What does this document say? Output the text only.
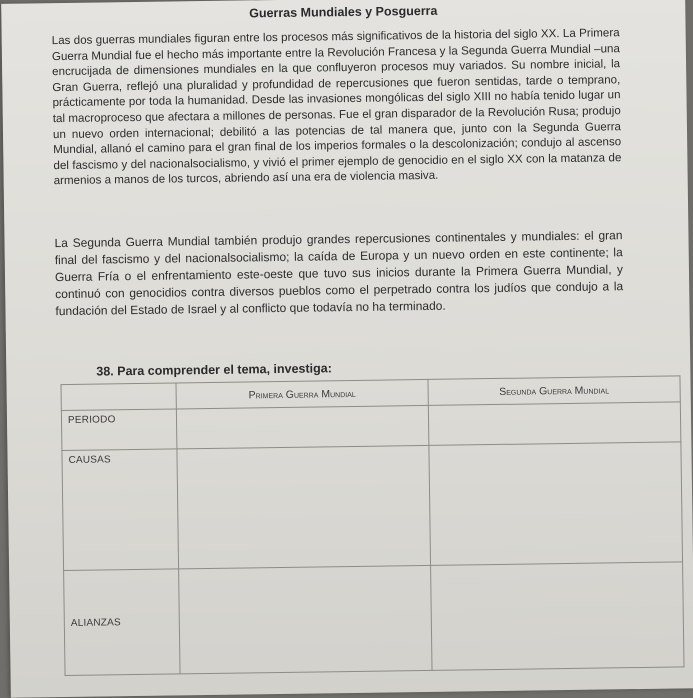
Guerras Mundiales y Posguerra

Las dos guerras mundiales figuran entre los procesos más significativos de la historia del siglo XX. La Primera Guerra Mundial fue el hecho más importante entre la Revolución Francesa y la Segunda Guerra Mundial –una encrucijada de dimensiones mundiales en la que confluyeron procesos muy variados. Su nombre inicial, la Gran Guerra, reflejó una pluralidad y profundidad de repercusiones que fueron sentidas, tarde o temprano, prácticamente por toda la humanidad. Desde las invasiones mongólicas del siglo XIII no había tenido lugar un tal macroproceso que afectara a millones de personas. Fue el gran disparador de la Revolución Rusa; produjo un nuevo orden internacional; debilitó a las potencias de tal manera que, junto con la Segunda Guerra Mundial, allanó el camino para el gran final de los imperios formales o la descolonización; condujo al ascenso del fascismo y del nacionalsocialismo, y vivió el primer ejemplo de genocidio en el siglo XX con la matanza de armenios a manos de los turcos, abriendo así una era de violencia masiva.

La Segunda Guerra Mundial también produjo grandes repercusiones continentales y mundiales: el gran final del fascismo y del nacionalsocialismo; la caída de Europa y un nuevo orden en este continente; la Guerra Fría o el enfrentamiento este-oeste que tuvo sus inicios durante la Primera Guerra Mundial, y continuó con genocidios contra diversos pueblos como el perpetrado contra los judíos que condujo a la fundación del Estado de Israel y al conflicto que todavía no ha terminado.

38. Para comprender el tema, investiga:
	Primera Guerra Mundial	Segunda Guerra Mundial
PERIODO		
CAUSAS		
ALIANZAS		
